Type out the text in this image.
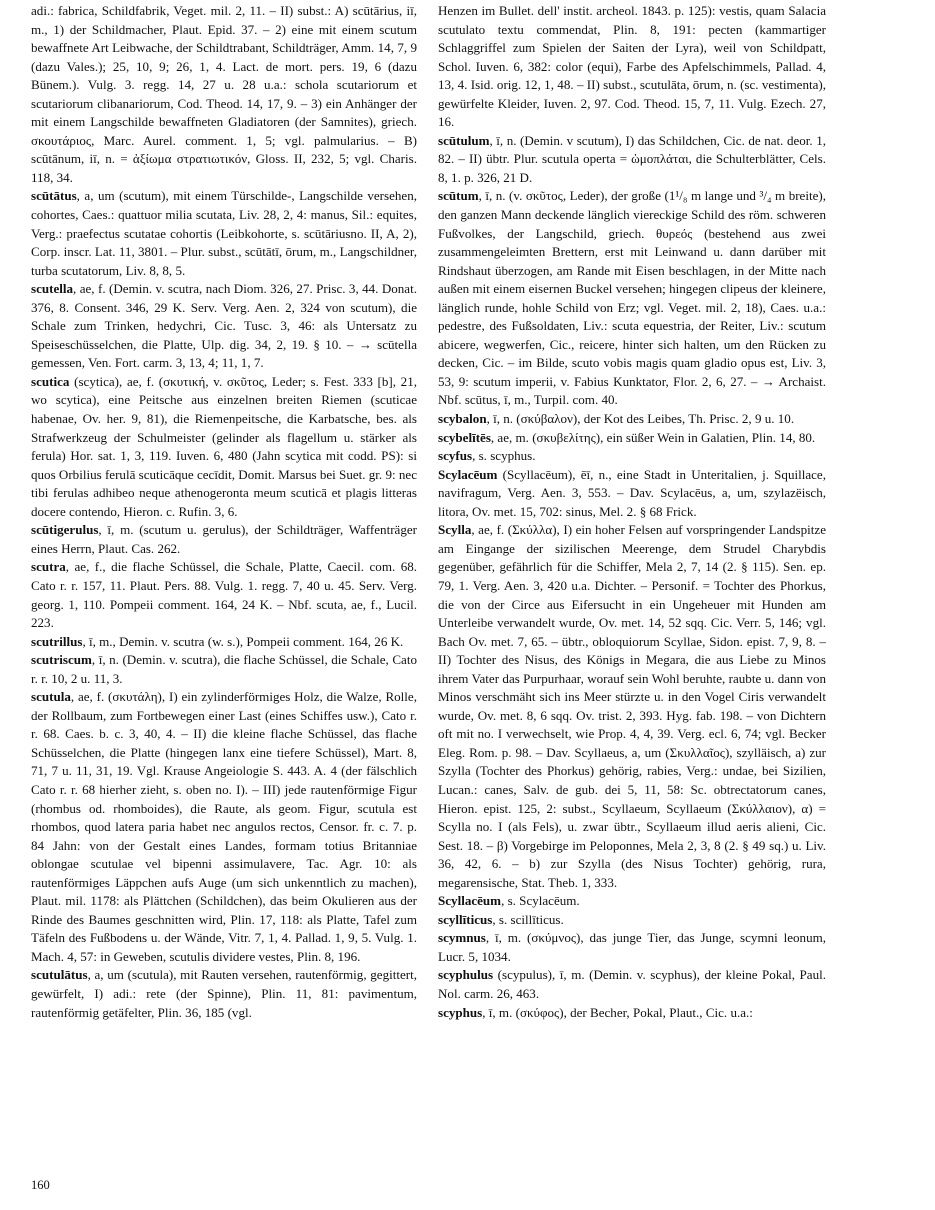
adi.: fabrica, Schildfabrik, Veget. mil. 2, 11. – II) subst.: A) scūtārius, iī, m., 1) der Schildmacher, Plaut. Epid. 37. – 2) eine mit einem scutum bewaffnete Art Leibwache, der Schildtrabant, Schildträger, Amm. 14, 7, 9 (dazu Vales.); 25, 10, 9; 26, 1, 4. Lact. de mort. pers. 19, 6 (dazu Bünem.). Vulg. 3. regg. 14, 27 u. 28 u.a.: schola scutariorum et scutariorum clibanariorum, Cod. Theod. 14, 17, 9. – 3) ein Anhänger der mit einem Langschilde bewaffneten Gladiatoren (der Samnites), griech. σκουτάριος, Marc. Aurel. comment. 1, 5; vgl. palmularius. – B) scūtānum, iī, n. = ἀξίωμα στρατιωτικόν, Gloss. II, 232, 5; vgl. Charis. 118, 34.

scūtātus, a, um (scutum), mit einem Türschilde-, Langschilde versehen, cohortes, Caes.: quattuor milia scutata, Liv. 28, 2, 4: manus, Sil.: equites, Verg.: praefectus scutatae cohortis (Leibkohorte, s. scūtāriusno. II, A, 2), Corp. inscr. Lat. 11, 3801. – Plur. subst., scūtātī, ōrum, m., Langschildner, turba scutatorum, Liv. 8, 8, 5.

scutella, ae, f. (Demin. v. scutra, nach Diom. 326, 27. Prisc. 3, 44. Donat. 376, 8. Consent. 346, 29 K. Serv. Verg. Aen. 2, 324 von scutum), die Schale zum Trinken, hedychri, Cic. Tusc. 3, 46: als Untersatz zu Speiseschüsselchen, die Platte, Ulp. dig. 34, 2, 19. § 10. – → scūtella gemessen, Ven. Fort. carm. 3, 13, 4; 11, 1, 7.

scutica (scytica), ae, f. (σκυτική, v. σκῦτος, Leder; s. Fest. 333 [b], 21, wo scytica), eine Peitsche aus einzelnen breiten Riemen (scuticae habenae, Ov. her. 9, 81), die Riemenpeitsche, die Karbatsche, bes. als Strafwerkzeug der Schulmeister (gelinder als flagellum u. stärker als ferula) Hor. sat. 1, 3, 119. Iuven. 6, 480 (Jahn scytica mit codd. PS): si quos Orbilius ferulā scuticāque cecīdit, Domit. Marsus bei Suet. gr. 9: nec tibi ferulas adhibeo neque athenogeronta meum scuticā et plagis litteras docere contendo, Hieron. c. Rufin. 3, 6.

scūtigerulus, ī, m. (scutum u. gerulus), der Schildträger, Waffenträger eines Herrn, Plaut. Cas. 262.

scutra, ae, f., die flache Schüssel, die Schale, Platte, Caecil. com. 68. Cato r. r. 157, 11. Plaut. Pers. 88. Vulg. 1. regg. 7, 40 u. 45. Serv. Verg. georg. 1, 110. Pompeii comment. 164, 24 K. – Nbf. scuta, ae, f., Lucil. 223.

scutrillus, ī, m., Demin. v. scutra (w. s.), Pompeii comment. 164, 26 K.

scutriscum, ī, n. (Demin. v. scutra), die flache Schüssel, die Schale, Cato r. r. 10, 2 u. 11, 3.

scutula, ae, f. (σκυτάλη), I) ein zylinderförmiges Holz, die Walze, Rolle, der Rollbaum, zum Fortbewegen einer Last (eines Schiffes usw.), Cato r. r. 68. Caes. b. c. 3, 40, 4. – II) die kleine flache Schüssel, das flache Schüsselchen, die Platte (hingegen lanx eine tiefere Schüssel), Mart. 8, 71, 7 u. 11, 31, 19. Vgl. Krause Angeiologie S. 443. A. 4 (der fälschlich Cato r. r. 68 hierher zieht, s. oben no. I). – III) jede rautenförmige Figur (rhombus od. rhomboides), die Raute, als geom. Figur, scutula est rhombos, quod latera paria habet nec angulos rectos, Censor. fr. c. 7. p. 84 Jahn: von der Gestalt eines Landes, formam totius Britanniae oblongae scutulae vel bipenni assimulavere, Tac. Agr. 10: als rautenförmiges Läppchen aufs Auge (um sich unkenntlich zu machen), Plaut. mil. 1178: als Plättchen (Schildchen), das beim Okulieren aus der Rinde des Baumes geschnitten wird, Plin. 17, 118: als Platte, Tafel zum Täfeln des Fußbodens u. der Wände, Vitr. 7, 1, 4. Pallad. 1, 9, 5. Vulg. 1. Mach. 4, 57: in Geweben, scutulis dividere vestes, Plin. 8, 196.

scutulātus, a, um (scutula), mit Rauten versehen, rautenförmig, gegittert, gewürfelt, I) adi.: rete (der Spinne), Plin. 11, 81: pavimentum, rautenförmig getäfelter, Plin. 36, 185 (vgl.

Henzen im Bullet. dell' instit. archeol. 1843. p. 125): vestis, quam Salacia scutulato textu commendat, Plin. 8, 191: pecten (kammartiger Schlaggriffel zum Spielen der Saiten der Lyra), weil von Schildpatt, Schol. Iuven. 6, 382: color (equi), Farbe des Apfelschimmels, Pallad. 4, 13, 4. Isid. orig. 12, 1, 48. – II) subst., scutulāta, ōrum, n. (sc. vestimenta), gewürfelte Kleider, Iuven. 2, 97. Cod. Theod. 15, 7, 11. Vulg. Ezech. 27, 16.

scūtulum, ī, n. (Demin. v scutum), I) das Schildchen, Cic. de nat. deor. 1, 82. – II) übtr. Plur. scutula operta = ὠμοπλάται, die Schulterblätter, Cels. 8, 1. p. 326, 21 D.

scūtum, ī, n. (v. σκῦτος, Leder), der große (1¹/₈ m lange und ³/₄ m breite), den ganzen Mann deckende länglich viereckige Schild des röm. schweren Fußvolkes, der Langschild, griech. θυρεός (bestehend aus zwei zusammengeleimten Brettern, erst mit Leinwand u. dann darüber mit Rindshaut überzogen, am Rande mit Eisen beschlagen, in der Mitte nach außen mit einem eisernen Buckel versehen; hingegen clipeus der kleinere, länglich runde, hohle Schild von Erz; vgl. Veget. mil. 2, 18), Caes. u.a.: pedestre, des Fußsoldaten, Liv.: scuta equestria, der Reiter, Liv.: scutum abicere, wegwerfen, Cic., reicere, hinter sich halten, um den Rücken zu decken, Cic. – im Bilde, scuto vobis magis quam gladio opus est, Liv. 3, 53, 9: scutum imperii, v. Fabius Kunktator, Flor. 2, 6, 27. – → Archaist. Nbf. scūtus, ī, m., Turpil. com. 40.

scybalon, ī, n. (σκύβαλον), der Kot des Leibes, Th. Prisc. 2, 9 u. 10.

scybelītēs, ae, m. (σκυβελίτης), ein süßer Wein in Galatien, Plin. 14, 80.

scyfus, s. scyphus.

Scylacēum (Scyllacēum), ēī, n., eine Stadt in Unteritalien, j. Squillace, navifragum, Verg. Aen. 3, 553. – Dav. Scylacēus, a, um, szylazëisch, litora, Ov. met. 15, 702: sinus, Mel. 2. § 68 Frick.

Scylla, ae, f. (Σκύλλα), I) ein hoher Felsen auf vorspringender Landspitze am Eingange der sizilischen Meerenge, dem Strudel Charybdis gegenüber, gefährlich für die Schiffer, Mela 2, 7, 14 (2. § 115). Sen. ep. 79, 1. Verg. Aen. 3, 420 u.a. Dichter. – Personif. = Tochter des Phorkus, die von der Circe aus Eifersucht in ein Ungeheuer mit Hunden am Unterleibe verwandelt wurde, Ov. met. 14, 52 sqq. Cic. Verr. 5, 146; vgl. Bach Ov. met. 7, 65. – übtr., obloquiorum Scyllae, Sidon. epist. 7, 9, 8. – II) Tochter des Nisus, des Königs in Megara, die aus Liebe zu Minos ihrem Vater das Purpurhaar, worauf sein Wohl beruhte, raubte u. dann von Minos verschmäht sich ins Meer stürzte u. in den Vogel Ciris verwandelt wurde, Ov. met. 8, 6 sqq. Ov. trist. 2, 393. Hyg. fab. 198. – von Dichtern oft mit no. I verwechselt, wie Prop. 4, 4, 39. Verg. ecl. 6, 74; vgl. Becker Eleg. Rom. p. 98. – Dav. Scyllaeus, a, um (Σκυλλαῖος), szylläisch, a) zur Szylla (Tochter des Phorkus) gehörig, rabies, Verg.: undae, bei Sizilien, Lucan.: canes, Salv. de gub. dei 5, 11, 58: Sc. obtrectatorum canes, Hieron. epist. 125, 2: subst., Scyllaeum, Scyllaeum (Σκύλλαιον), α) = Scylla no. I (als Fels), u. zwar übtr., Scyllaeum illud aeris alieni, Cic. Sest. 18. – β) Vorgebirge im Peloponnes, Mela 2, 3, 8 (2. § 49 sq.) u. Liv. 36, 42, 6. – b) zur Szylla (des Nisus Tochter) gehörig, rura, megarensische, Stat. Theb. 1, 333.

Scyllacēum, s. Scylacēum.

scyllīticus, s. scillīticus.

scymnus, ī, m. (σκύμνος), das junge Tier, das Junge, scymni leonum, Lucr. 5, 1034.

scyphulus (scypulus), ī, m. (Demin. v. scyphus), der kleine Pokal, Paul. Nol. carm. 26, 463.

scyphus, ī, m. (σκύφος), der Becher, Pokal, Plaut., Cic. u.a.:

160
